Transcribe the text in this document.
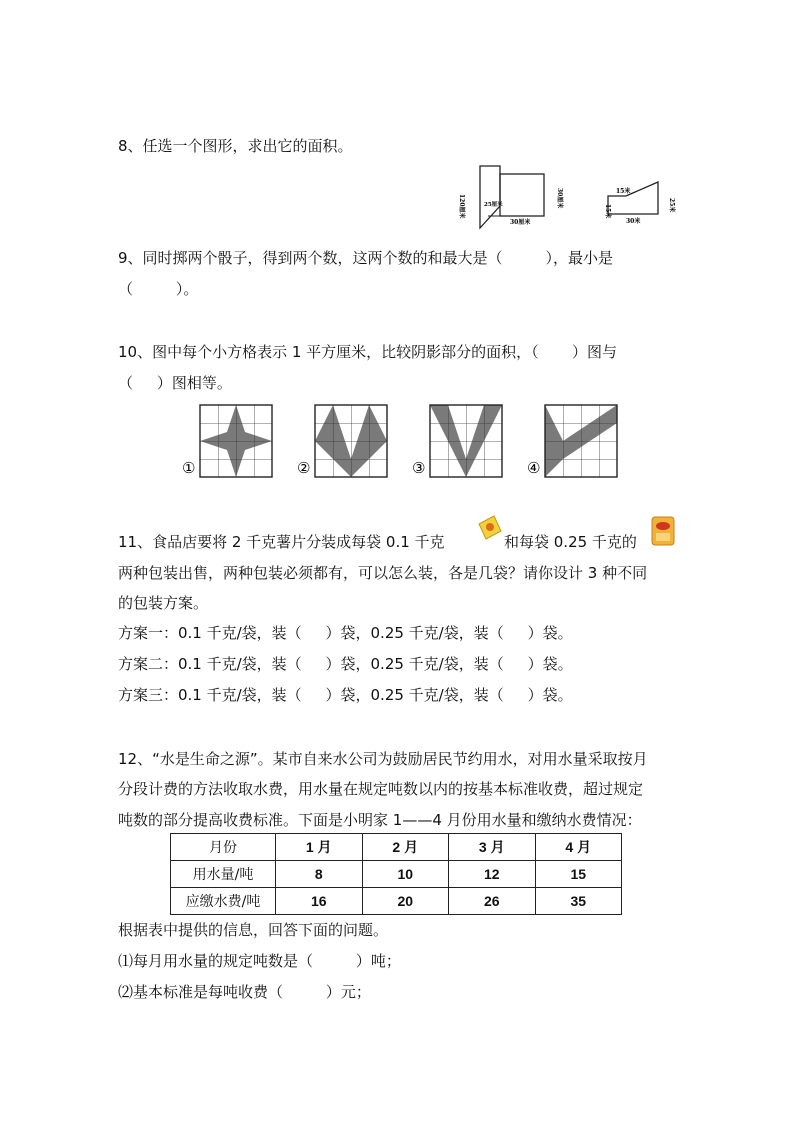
8、任选一个图形，求出它的面积。
120厘米	25厘米
30厘米
30厘米	15米
15米
30米
25米
9、同时掷两个骰子，得到两个数，这两个数的和最大是（         ），最小是
（         ）。
10、图中每个小方格表示 1 平方厘米，比较阴影部分的面积，（       ）图与
（     ）图相等。
①	②	③	④
11、食品店要将 2 千克薯片分装成每袋 0.1 千克	和每袋 0.25 千克的
两种包装出售，两种包装必须都有，可以怎么装，各是几袋？请你设计 3 种不同
的包装方案。
方案一：0.1 千克/袋，装（     ）袋，0.25 千克/袋，装（     ）袋。
方案二：0.1 千克/袋，装（     ）袋，0.25 千克/袋，装（     ）袋。
方案三：0.1 千克/袋，装（     ）袋，0.25 千克/袋，装（     ）袋。
12、“水是生命之源”。某市自来水公司为鼓励居民节约用水，对用水量采取按月
分段计费的方法收取水费，用水量在规定吨数以内的按基本标准收费，超过规定
吨数的部分提高收费标准。下面是小明家 1——4 月份用水量和缴纳水费情况：
月份	1 月	2 月	3 月	4 月
用水量/吨	8	10	12	15
应缴水费/吨	16	20	26	35
根据表中提供的信息，回答下面的问题。
⑴每月用水量的规定吨数是（         ）吨；
⑵基本标准是每吨收费（         ）元；
